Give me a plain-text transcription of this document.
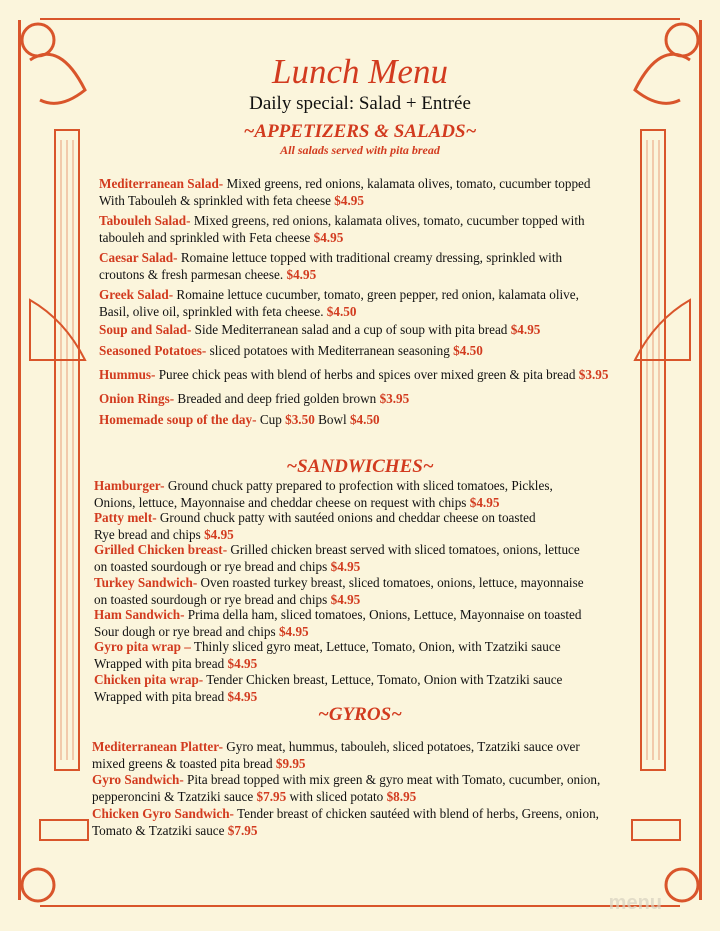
Lunch Menu
Daily special: Salad + Entrée
~APPETIZERS & SALADS~
All salads served with pita bread
Mediterranean Salad- Mixed greens, red onions, kalamata olives, tomato, cucumber topped
With Tabouleh & sprinkled with feta cheese $4.95
Tabouleh Salad- Mixed greens, red onions, kalamata olives, tomato, cucumber topped with
tabouleh and sprinkled with Feta cheese $4.95
Caesar Salad- Romaine lettuce topped with traditional creamy dressing, sprinkled with
croutons & fresh parmesan cheese. $4.95
Greek Salad- Romaine lettuce cucumber, tomato, green pepper, red onion, kalamata olive,
Basil, olive oil, sprinkled with feta cheese. $4.50
Soup and Salad- Side Mediterranean salad and a cup of soup with pita bread $4.95
Seasoned Potatoes- sliced potatoes with Mediterranean seasoning $4.50
Hummus- Puree chick peas with blend of herbs and spices over mixed green & pita bread $3.95
Onion Rings- Breaded and deep fried golden brown $3.95
Homemade soup of the day- Cup $3.50 Bowl $4.50
~SANDWICHES~
Hamburger- Ground chuck patty prepared to profection with sliced tomatoes, Pickles,
Onions, lettuce, Mayonnaise and cheddar cheese on request with chips $4.95
Patty melt- Ground chuck patty with sautéed onions and cheddar cheese on toasted
Rye bread and chips $4.95
Grilled Chicken breast- Grilled chicken breast served with sliced tomatoes, onions, lettuce
on toasted sourdough or rye bread and chips $4.95
Turkey Sandwich- Oven roasted turkey breast, sliced tomatoes, onions, lettuce, mayonnaise
on toasted sourdough or rye bread and chips $4.95
Ham Sandwich- Prima della ham, sliced tomatoes, Onions, Lettuce, Mayonnaise on toasted
Sour dough or rye bread and chips $4.95
Gyro pita wrap – Thinly sliced gyro meat, Lettuce, Tomato, Onion, with Tzatziki sauce
Wrapped with pita bread $4.95
Chicken pita wrap- Tender Chicken breast, Lettuce, Tomato, Onion with Tzatziki sauce
Wrapped with pita bread $4.95
~GYROS~
Mediterranean Platter- Gyro meat, hummus, tabouleh, sliced potatoes, Tzatziki sauce over
mixed greens & toasted pita bread $9.95
Gyro Sandwich- Pita bread topped with mix green & gyro meat with Tomato, cucumber, onion,
pepperoncini & Tzatziki sauce $7.95 with sliced potato $8.95
Chicken Gyro Sandwich- Tender breast of chicken sautéed with blend of herbs, Greens, onion,
Tomato & Tzatziki sauce $7.95
menu
